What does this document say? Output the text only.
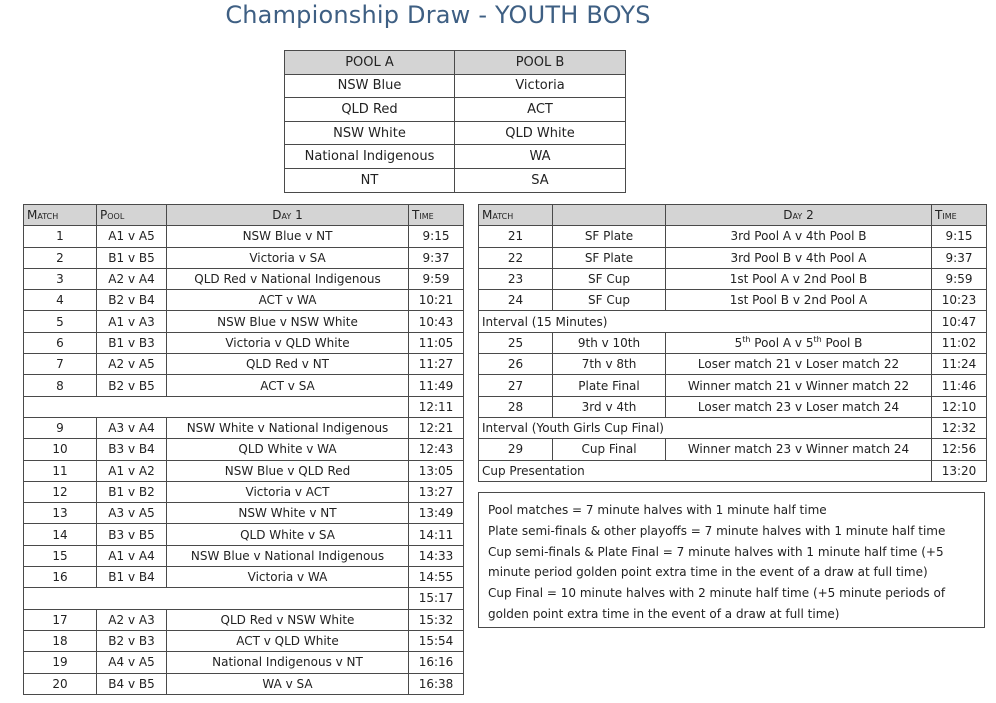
Championship Draw - YOUTH BOYS
POOL A	POOL B
NSW Blue	Victoria
QLD Red	ACT
NSW White	QLD White
National Indigenous	WA
NT	SA
Match	Pool	Day 1	Time
1	A1 v A5	NSW Blue v NT	9:15
2	B1 v B5	Victoria v SA	9:37
3	A2 v A4	QLD Red v National Indigenous	9:59
4	B2 v B4	ACT v WA	10:21
5	A1 v A3	NSW Blue v NSW White	10:43
6	B1 v B3	Victoria v QLD White	11:05
7	A2 v A5	QLD Red v NT	11:27
8	B2 v B5	ACT v SA	11:49
			12:11
9	A3 v A4	NSW White v National Indigenous	12:21
10	B3 v B4	QLD White v WA	12:43
11	A1 v A2	NSW Blue v QLD Red	13:05
12	B1 v B2	Victoria v ACT	13:27
13	A3 v A5	NSW White v NT	13:49
14	B3 v B5	QLD White v SA	14:11
15	A1 v A4	NSW Blue v National Indigenous	14:33
16	B1 v B4	Victoria v WA	14:55
			15:17
17	A2 v A3	QLD Red v NSW White	15:32
18	B2 v B3	ACT v QLD White	15:54
19	A4 v A5	National Indigenous v NT	16:16
20	B4 v B5	WA v SA	16:38
Match		Day 2	Time
21	SF Plate	3rd Pool A v 4th Pool B	9:15
22	SF Plate	3rd Pool B v 4th Pool A	9:37
23	SF Cup	1st Pool A v 2nd Pool B	9:59
24	SF Cup	1st Pool B v 2nd Pool A	10:23
Interval (15 Minutes)			10:47
25	9th v 10th	5th Pool A v 5th Pool B	11:02
26	7th v 8th	Loser match 21 v Loser match 22	11:24
27	Plate Final	Winner match 21 v Winner match 22	11:46
28	3rd v 4th	Loser match 23 v Loser match 24	12:10
Interval (Youth Girls Cup Final)			12:32
29	Cup Final	Winner match 23 v Winner match 24	12:56
Cup Presentation			13:20

Pool matches = 7 minute halves with 1 minute half time

Plate semi-finals & other playoffs = 7 minute halves with 1 minute half time

Cup semi-finals & Plate Final = 7 minute halves with 1 minute half time (+5 minute period golden point extra time in the event of a draw at full time)

Cup Final = 10 minute halves with 2 minute half time (+5 minute periods of golden point extra time in the event of a draw at full time)
